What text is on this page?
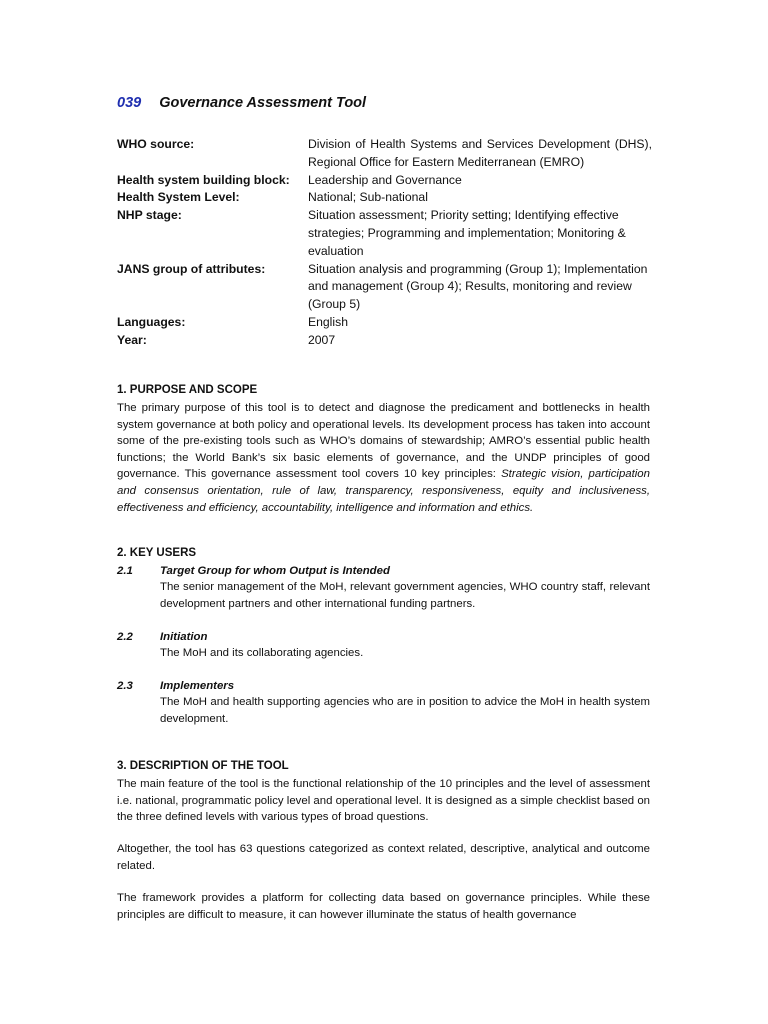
039 Governance Assessment Tool
WHO source:	Division of Health Systems and Services Development (DHS), Regional Office for Eastern Mediterranean (EMRO)
Health system building block:	Leadership and Governance
Health System Level:	National; Sub-national
NHP stage:	Situation assessment; Priority setting; Identifying effective strategies; Programming and implementation; Monitoring & evaluation
JANS group of attributes:	Situation analysis and programming (Group 1); Implementation and management (Group 4); Results, monitoring and review (Group 5)
Languages:	English
Year:	2007
1. PURPOSE AND SCOPE
The primary purpose of this tool is to detect and diagnose the predicament and bottlenecks in health system governance at both policy and operational levels. Its development process has taken into account some of the pre-existing tools such as WHO’s domains of stewardship; AMRO’s essential public health functions; the World Bank’s six basic elements of governance, and the UNDP principles of good governance. This governance assessment tool covers 10 key principles: Strategic vision, participation and consensus orientation, rule of law, transparency, responsiveness, equity and inclusiveness, effectiveness and efficiency, accountability, intelligence and information and ethics.
2. KEY USERS
2.1	Target Group for whom Output is Intended
The senior management of the MoH, relevant government agencies, WHO country staff, relevant development partners and other international funding partners.
2.2	Initiation
The MoH and its collaborating agencies.
2.3	Implementers
The MoH and health supporting agencies who are in position to advice the MoH in health system development.
3. DESCRIPTION OF THE TOOL
The main feature of the tool is the functional relationship of the 10 principles and the level of assessment i.e. national, programmatic policy level and operational level. It is designed as a simple checklist based on the three defined levels with various types of broad questions.
Altogether, the tool has 63 questions categorized as context related, descriptive, analytical and outcome related.
The framework provides a platform for collecting data based on governance principles. While these principles are difficult to measure, it can however illuminate the status of health governance
